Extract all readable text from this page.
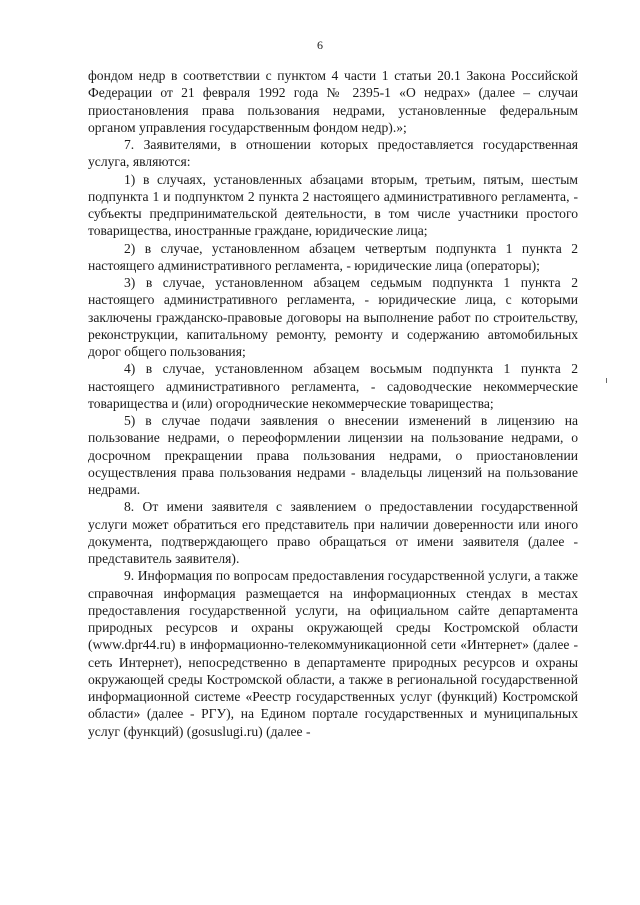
6

фондом недр в соответствии с пунктом 4 части 1 статьи 20.1 Закона Российской Федерации от 21 февраля 1992 года № 2395-1 «О недрах» (далее – случаи приостановления права пользования недрами, установленные федеральным органом управления государственным фондом недр).»;

7. Заявителями, в отношении которых предоставляется государственная услуга, являются:

1) в случаях, установленных абзацами вторым, третьим, пятым, шестым подпункта 1 и подпунктом 2 пункта 2 настоящего административного регламента, - субъекты предпринимательской деятельности, в том числе участники простого товарищества, иностранные граждане, юридические лица;

2) в случае, установленном абзацем четвертым подпункта 1 пункта 2 настоящего административного регламента, - юридические лица (операторы);

3) в случае, установленном абзацем седьмым подпункта 1 пункта 2 настоящего административного регламента, - юридические лица, с которыми заключены гражданско-правовые договоры на выполнение работ по строительству, реконструкции, капитальному ремонту, ремонту и содержанию автомобильных дорог общего пользования;

4) в случае, установленном абзацем восьмым подпункта 1 пункта 2 настоящего административного регламента, - садоводческие некоммерческие товарищества и (или) огороднические некоммерческие товарищества;

5) в случае подачи заявления о внесении изменений в лицензию на пользование недрами, о переоформлении лицензии на пользование недрами, о досрочном прекращении права пользования недрами, о приостановлении осуществления права пользования недрами - владельцы лицензий на пользование недрами.

8. От имени заявителя с заявлением о предоставлении государственной услуги может обратиться его представитель при наличии доверенности или иного документа, подтверждающего право обращаться от имени заявителя (далее - представитель заявителя).

9. Информация по вопросам предоставления государственной услуги, а также справочная информация размещается на информационных стендах в местах предоставления государственной услуги, на официальном сайте департамента природных ресурсов и охраны окружающей среды Костромской области (www.dpr44.ru) в информационно-телекоммуникационной сети «Интернет» (далее - сеть Интернет), непосредственно в департаменте природных ресурсов и охраны окружающей среды Костромской области, а также в региональной государственной информационной системе «Реестр государственных услуг (функций) Костромской области» (далее - РГУ), на Едином портале государственных и муниципальных услуг (функций) (gosuslugi.ru) (далее -
